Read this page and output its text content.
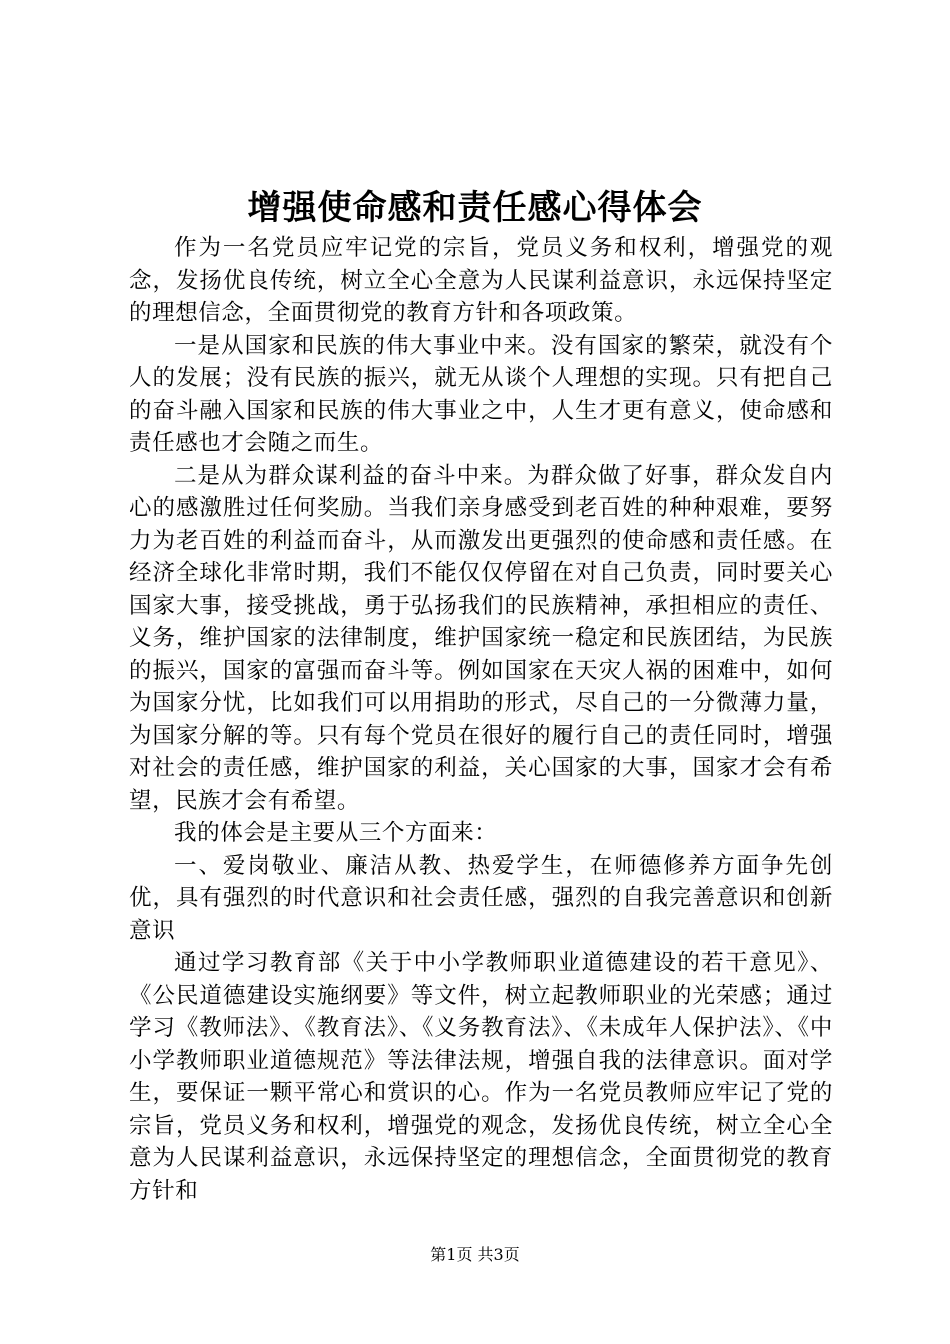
增强使命感和责任感心得体会

作为一名党员应牢记党的宗旨，党员义务和权利，增强党的观念，发扬优良传统，树立全心全意为人民谋利益意识，永远保持坚定的理想信念，全面贯彻党的教育方针和各项政策。

一是从国家和民族的伟大事业中来。没有国家的繁荣，就没有个人的发展；没有民族的振兴，就无从谈个人理想的实现。只有把自己的奋斗融入国家和民族的伟大事业之中，人生才更有意义，使命感和责任感也才会随之而生。

二是从为群众谋利益的奋斗中来。为群众做了好事，群众发自内心的感激胜过任何奖励。当我们亲身感受到老百姓的种种艰难，要努力为老百姓的利益而奋斗，从而激发出更强烈的使命感和责任感。在经济全球化非常时期，我们不能仅仅停留在对自己负责，同时要关心国家大事，接受挑战，勇于弘扬我们的民族精神，承担相应的责任、义务，维护国家的法律制度，维护国家统一稳定和民族团结，为民族的振兴，国家的富强而奋斗等。例如国家在天灾人祸的困难中，如何为国家分忧，比如我们可以用捐助的形式，尽自己的一分微薄力量，为国家分解的等。只有每个党员在很好的履行自己的责任同时，增强对社会的责任感，维护国家的利益，关心国家的大事，国家才会有希望，民族才会有希望。

我的体会是主要从三个方面来：

一、爱岗敬业、廉洁从教、热爱学生，在师德修养方面争先创优，具有强烈的时代意识和社会责任感，强烈的自我完善意识和创新意识

通过学习教育部《关于中小学教师职业道德建设的若干意见》、《公民道德建设实施纲要》等文件，树立起教师职业的光荣感；通过学习《教师法》、《教育法》、《义务教育法》、《未成年人保护法》、《中小学教师职业道德规范》等法律法规，增强自我的法律意识。面对学生，要保证一颗平常心和赏识的心。作为一名党员教师应牢记了党的宗旨，党员义务和权利，增强党的观念，发扬优良传统，树立全心全意为人民谋利益意识，永远保持坚定的理想信念，全面贯彻党的教育方针和

第1页 共3页
